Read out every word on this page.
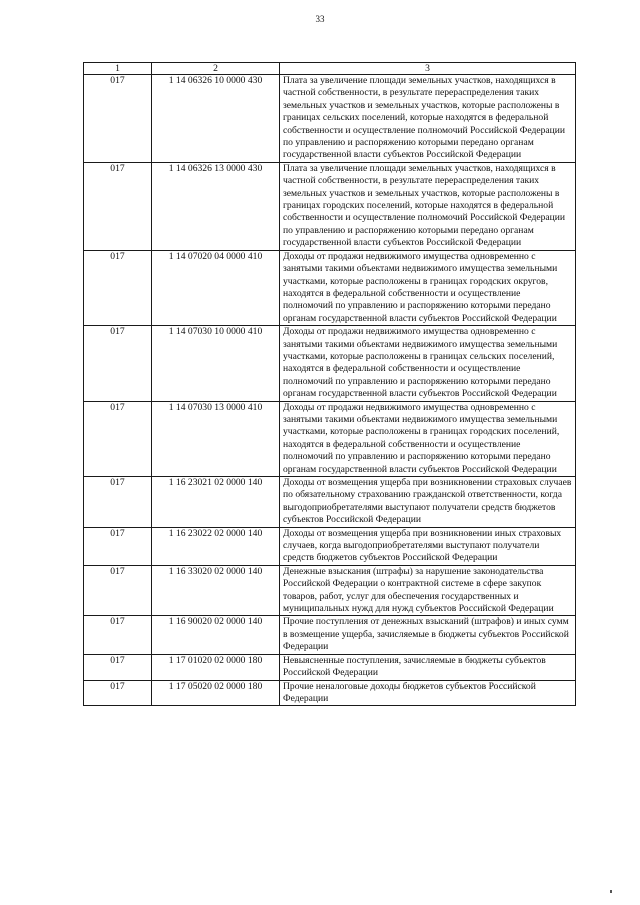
33
1	2	3
017	1 14 06326 10 0000 430	Плата за увеличение площади земельных участков, находящихся в частной собственности, в результате перераспределения таких земельных участков и земельных участков, которые расположены в границах сельских поселений, которые находятся в федеральной собственности и осуществление полномочий Российской Федерации по управлению и распоряжению которыми передано органам государственной власти субъектов Российской Федерации
017	1 14 06326 13 0000 430	Плата за увеличение площади земельных участков, находящихся в частной собственности, в результате перераспределения таких земельных участков и земельных участков, которые расположены в границах городских поселений, которые находятся в федеральной собственности и осуществление полномочий Российской Федерации по управлению и распоряжению которыми передано органам государственной власти субъектов Российской Федерации
017	1 14 07020 04 0000 410	Доходы от продажи недвижимого имущества одновременно с занятыми такими объектами недвижимого имущества земельными участками, которые расположены в границах городских округов, находятся в федеральной собственности и осуществление полномочий по управлению и распоряжению которыми передано органам государственной власти субъектов Российской Федерации
017	1 14 07030 10 0000 410	Доходы от продажи недвижимого имущества одновременно с занятыми такими объектами недвижимого имущества земельными участками, которые расположены в границах сельских поселений, находятся в федеральной собственности и осуществление полномочий по управлению и распоряжению которыми передано органам государственной власти субъектов Российской Федерации
017	1 14 07030 13 0000 410	Доходы от продажи недвижимого имущества одновременно с занятыми такими объектами недвижимого имущества земельными участками, которые расположены в границах городских поселений, находятся в федеральной собственности и осуществление полномочий по управлению и распоряжению которыми передано органам государственной власти субъектов Российской Федерации
017	1 16 23021 02 0000 140	Доходы от возмещения ущерба при возникновении страховых случаев по обязательному страхованию гражданской ответственности, когда выгодоприобретателями выступают получатели средств бюджетов субъектов Российской Федерации
017	1 16 23022 02 0000 140	Доходы от возмещения ущерба при возникновении иных страховых случаев, когда выгодоприобретателями выступают получатели средств бюджетов субъектов Российской Федерации
017	1 16 33020 02 0000 140	Денежные взыскания (штрафы) за нарушение законодательства Российской Федерации о контрактной системе в сфере закупок товаров, работ, услуг для обеспечения государственных и муниципальных нужд для нужд субъектов Российской Федерации
017	1 16 90020 02 0000 140	Прочие поступления от денежных взысканий (штрафов) и иных сумм в возмещение ущерба, зачисляемые в бюджеты субъектов Российской Федерации
017	1 17 01020 02 0000 180	Невыясненные поступления, зачисляемые в бюджеты субъектов Российской Федерации
017	1 17 05020 02 0000 180	Прочие неналоговые доходы бюджетов субъектов Российской Федерации
